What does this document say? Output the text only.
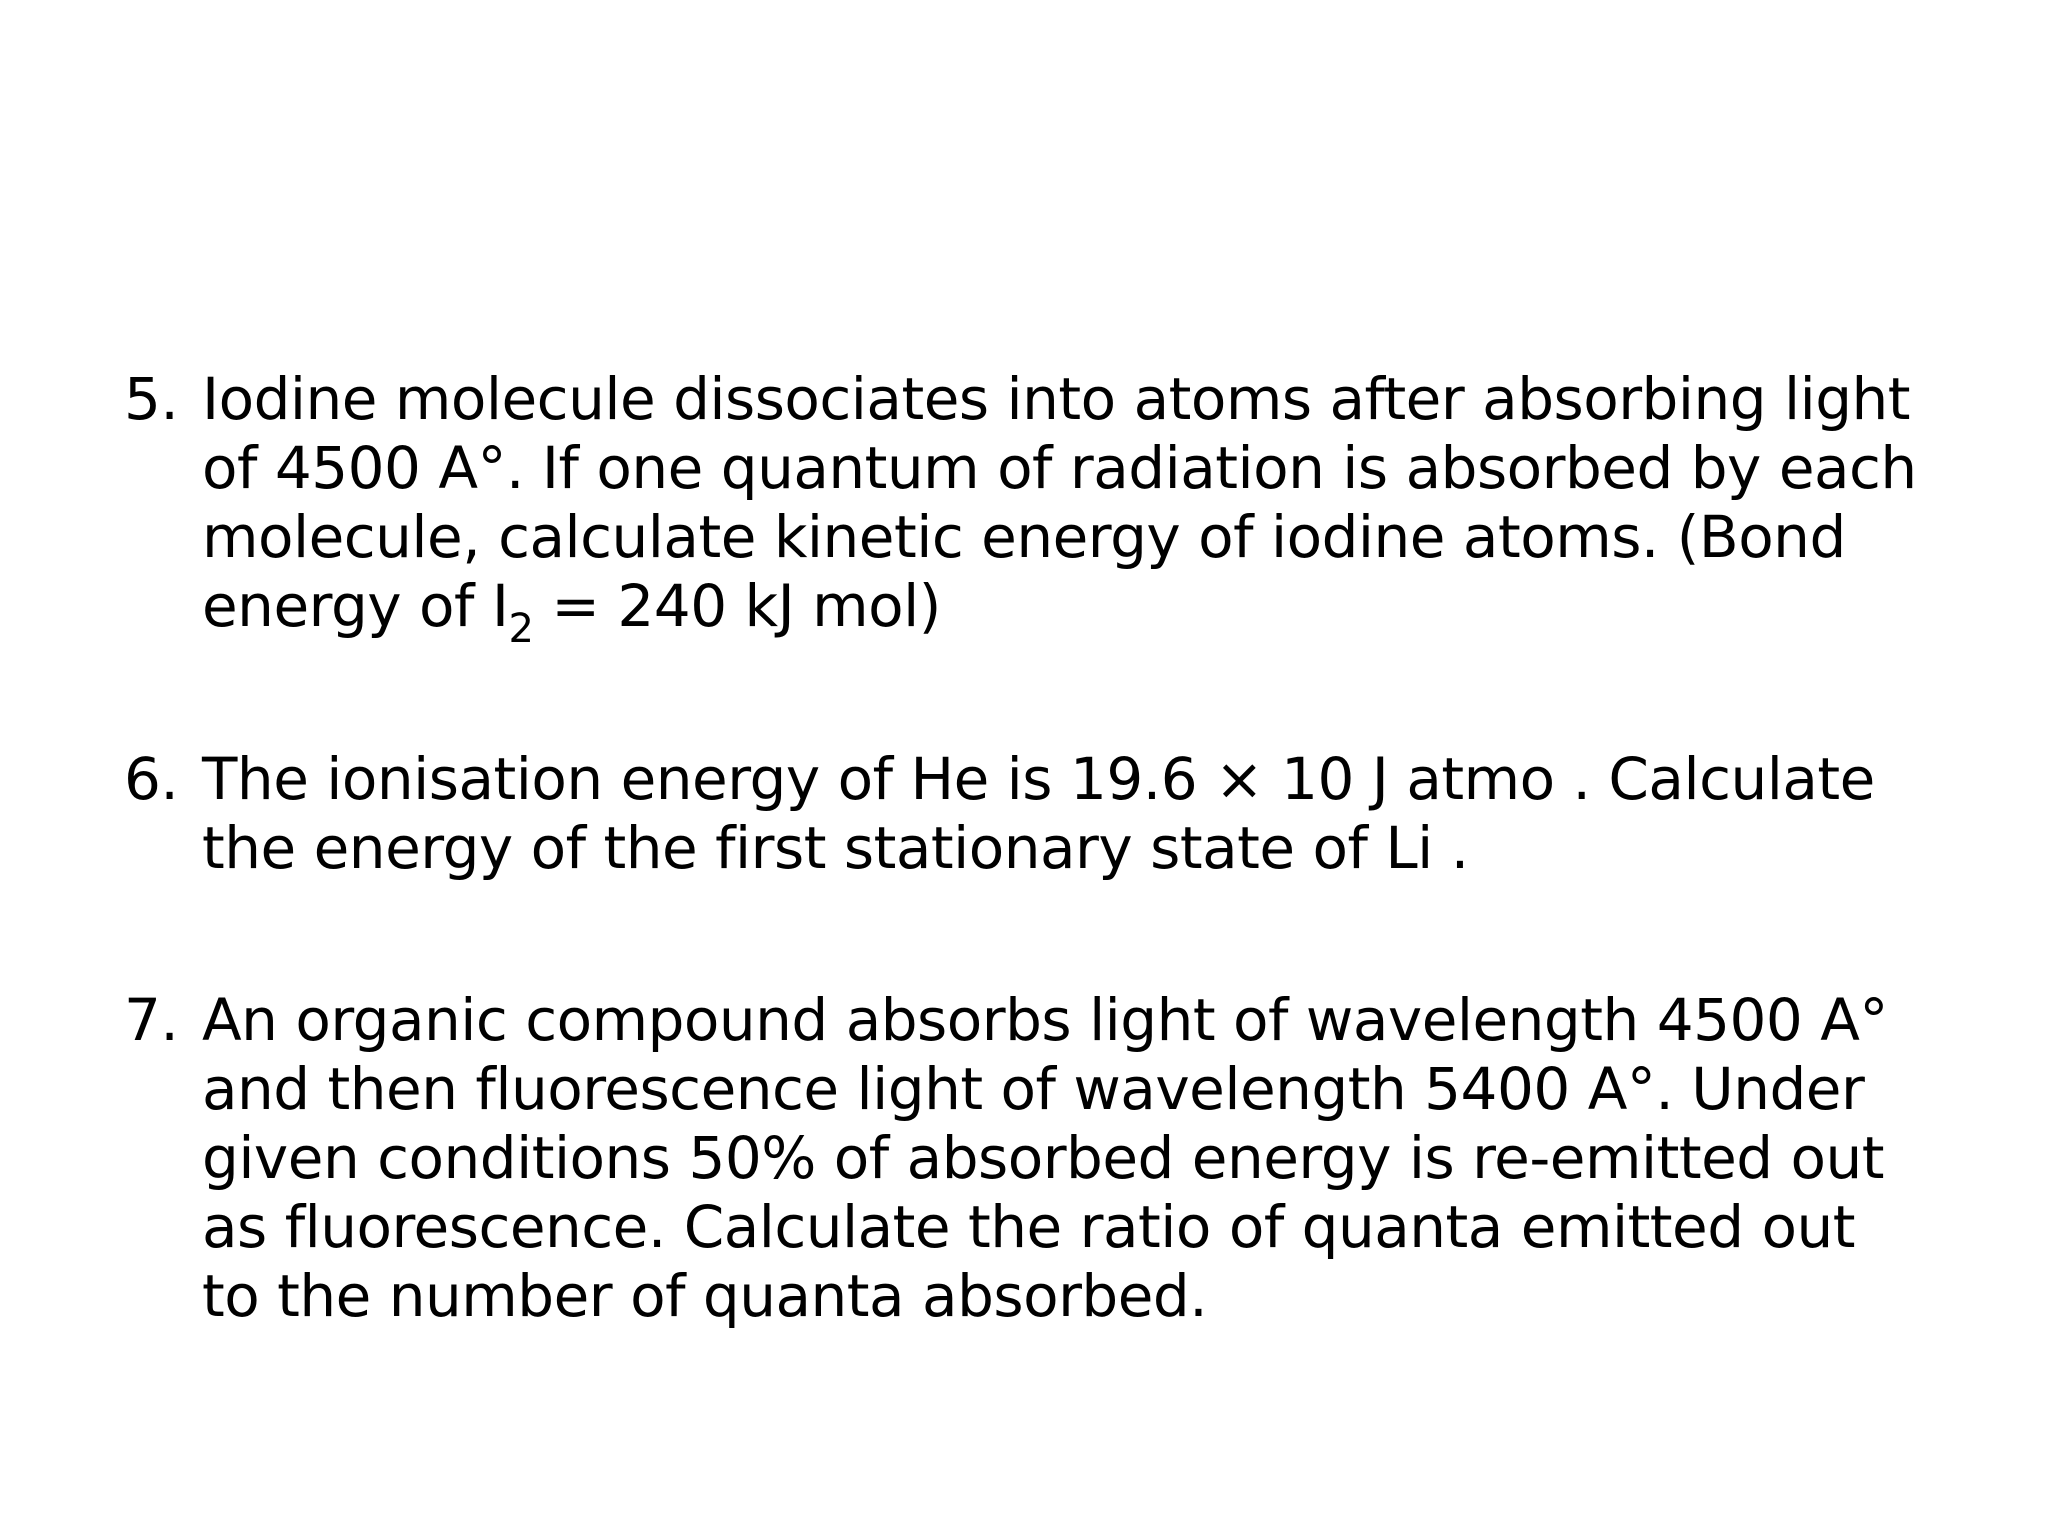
5. Iodine molecule dissociates into atoms after absorbing light
of 4500 A°. If one quantum of radiation is absorbed by each
molecule, calculate kinetic energy of iodine atoms. (Bond
energy of $I_2 = 240$ kJ mol)
6. The ionisation energy of He is 19.6 × 10 J atmo . Calculate
the energy of the first stationary state of Li .
7. An organic compound absorbs light of wavelength 4500 A°
and then fluorescence light of wavelength 5400 A°. Under
given conditions 50% of absorbed energy is re-emitted out
as fluorescence. Calculate the ratio of quanta emitted out
to the number of quanta absorbed.
